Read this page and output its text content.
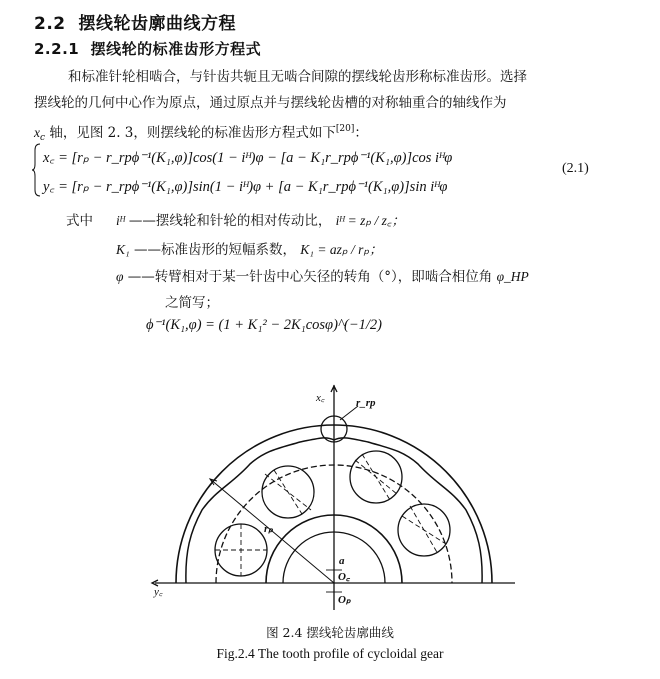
2.2 摆线轮齿廓曲线方程
2.2.1 摆线轮的标准齿形方程式
和标准针轮相啮合，与针齿共轭且无啮合间隙的摆线轮齿形称标准齿形。选择
摆线轮的几何中心作为原点，通过原点并与摆线轮齿槽的对称轴重合的轴线作为
$x_c$ 轴，见图 2. 3，则摆线轮的标准齿形方程式如下[20]：
x꜀ = [rₚ − r_rpϕ⁻¹(K₁,φ)]cos(1 − iᴴ)φ − [a − K₁r_rpϕ⁻¹(K₁,φ)]cos iᴴφ
y꜀ = [rₚ − r_rpϕ⁻¹(K₁,φ)]sin(1 − iᴴ)φ + [a − K₁r_rpϕ⁻¹(K₁,φ)]sin iᴴφ
(2.1)
式中 iᴴ ——摆线轮和针轮的相对传动比， iᴴ = zₚ / z꜀；
K₁ ——标准齿形的短幅系数， K₁ = azₚ / rₚ；
φ ——转臂相对于某一针齿中心矢径的转角（°），即啮合相位角 φ_HP
之简写；
ϕ⁻¹(K₁,φ) = (1 + K₁² − 2K₁cosφ)^(−1/2)
x꜀	r_rp
rₚ
a
O꜀
Oₚ
y꜀
图 2.4 摆线轮齿廓曲线
Fig.2.4 The tooth profile of cycloidal gear
